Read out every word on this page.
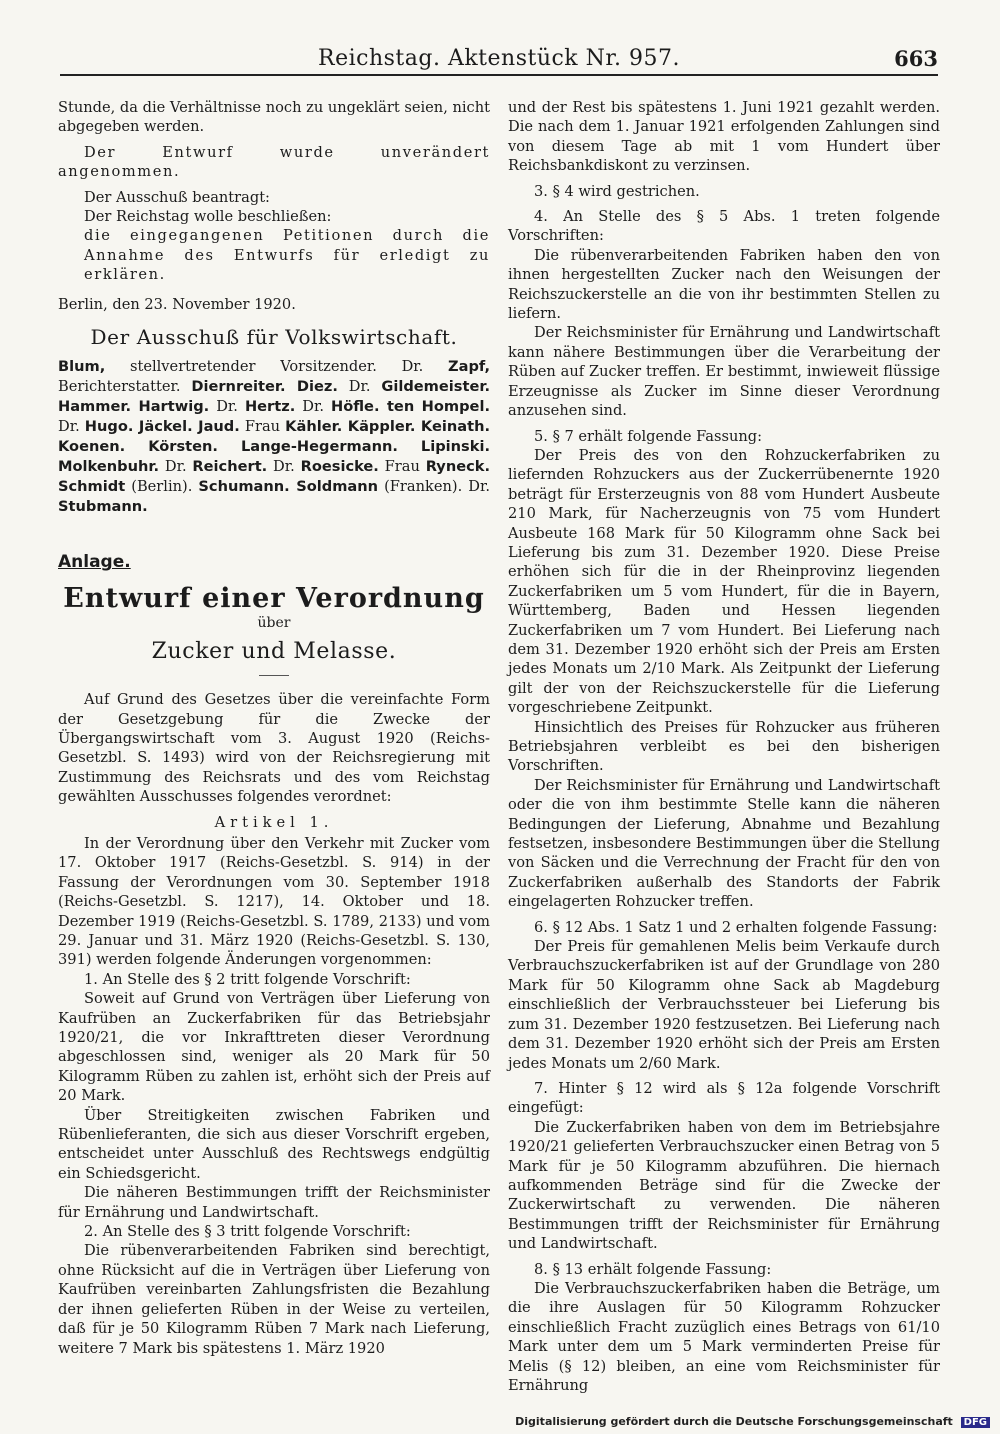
Reichstag. Aktenstück Nr. 957.	663

Stunde, da die Verhältnisse noch zu ungeklärt seien, nicht abgegeben werden.

Der Entwurf wurde unverändert angenommen.

Der Ausschuß beantragt:

Der Reichstag wolle beschließen:

die eingegangenen Petitionen durch die Annahme des Entwurfs für erledigt zu erklären.

Berlin, den 23. November 1920.

Der Ausschuß für Volkswirtschaft.

Blum, stellvertretender Vorsitzender. Dr. Zapf, Berichterstatter. Diernreiter. Diez. Dr. Gildemeister. Hammer. Hartwig. Dr. Hertz. Dr. Höfle. ten Hompel. Dr. Hugo. Jäckel. Jaud. Frau Kähler. Käppler. Keinath. Koenen. Körsten. Lange-Hegermann. Lipinski. Molkenbuhr. Dr. Reichert. Dr. Roesicke. Frau Ryneck. Schmidt (Berlin). Schumann. Soldmann (Franken). Dr. Stubmann.

Anlage.
Entwurf einer Verordnung
über
Zucker und Melasse.

Auf Grund des Gesetzes über die vereinfachte Form der Gesetzgebung für die Zwecke der Übergangswirtschaft vom 3. August 1920 (Reichs-Gesetzbl. S. 1493) wird von der Reichsregierung mit Zustimmung des Reichsrats und des vom Reichstag gewählten Ausschusses folgendes verordnet:

Artikel 1.

In der Verordnung über den Verkehr mit Zucker vom 17. Oktober 1917 (Reichs-Gesetzbl. S. 914) in der Fassung der Verordnungen vom 30. September 1918 (Reichs-Gesetzbl. S. 1217), 14. Oktober und 18. Dezember 1919 (Reichs-Gesetzbl. S. 1789, 2133) und vom 29. Januar und 31. März 1920 (Reichs-Gesetzbl. S. 130, 391) werden folgende Änderungen vorgenommen:

1. An Stelle des § 2 tritt folgende Vorschrift:

Soweit auf Grund von Verträgen über Lieferung von Kaufrüben an Zuckerfabriken für das Betriebsjahr 1920/21, die vor Inkrafttreten dieser Verordnung abgeschlossen sind, weniger als 20 Mark für 50 Kilogramm Rüben zu zahlen ist, erhöht sich der Preis auf 20 Mark.

Über Streitigkeiten zwischen Fabriken und Rübenlieferanten, die sich aus dieser Vorschrift ergeben, entscheidet unter Ausschluß des Rechtswegs endgültig ein Schiedsgericht.

Die näheren Bestimmungen trifft der Reichsminister für Ernährung und Landwirtschaft.

2. An Stelle des § 3 tritt folgende Vorschrift:

Die rübenverarbeitenden Fabriken sind berechtigt, ohne Rücksicht auf die in Verträgen über Lieferung von Kaufrüben vereinbarten Zahlungsfristen die Bezahlung der ihnen gelieferten Rüben in der Weise zu verteilen, daß für je 50 Kilogramm Rüben 7 Mark nach Lieferung, weitere 7 Mark bis spätestens 1. März 1920

und der Rest bis spätestens 1. Juni 1921 gezahlt werden. Die nach dem 1. Januar 1921 erfolgenden Zahlungen sind von diesem Tage ab mit 1 vom Hundert über Reichsbankdiskont zu verzinsen.

3. § 4 wird gestrichen.

4. An Stelle des § 5 Abs. 1 treten folgende Vorschriften:

Die rübenverarbeitenden Fabriken haben den von ihnen hergestellten Zucker nach den Weisungen der Reichszuckerstelle an die von ihr bestimmten Stellen zu liefern.

Der Reichsminister für Ernährung und Landwirtschaft kann nähere Bestimmungen über die Verarbeitung der Rüben auf Zucker treffen. Er bestimmt, inwieweit flüssige Erzeugnisse als Zucker im Sinne dieser Verordnung anzusehen sind.

5. § 7 erhält folgende Fassung:

Der Preis des von den Rohzuckerfabriken zu liefernden Rohzuckers aus der Zuckerrübenernte 1920 beträgt für Ersterzeugnis von 88 vom Hundert Ausbeute 210 Mark, für Nacherzeugnis von 75 vom Hundert Ausbeute 168 Mark für 50 Kilogramm ohne Sack bei Lieferung bis zum 31. Dezember 1920. Diese Preise erhöhen sich für die in der Rheinprovinz liegenden Zuckerfabriken um 5 vom Hundert, für die in Bayern, Württemberg, Baden und Hessen liegenden Zuckerfabriken um 7 vom Hundert. Bei Lieferung nach dem 31. Dezember 1920 erhöht sich der Preis am Ersten jedes Monats um 2/10 Mark. Als Zeitpunkt der Lieferung gilt der von der Reichszuckerstelle für die Lieferung vorgeschriebene Zeitpunkt.

Hinsichtlich des Preises für Rohzucker aus früheren Betriebsjahren verbleibt es bei den bisherigen Vorschriften.

Der Reichsminister für Ernährung und Landwirtschaft oder die von ihm bestimmte Stelle kann die näheren Bedingungen der Lieferung, Abnahme und Bezahlung festsetzen, insbesondere Bestimmungen über die Stellung von Säcken und die Verrechnung der Fracht für den von Zuckerfabriken außerhalb des Standorts der Fabrik eingelagerten Rohzucker treffen.

6. § 12 Abs. 1 Satz 1 und 2 erhalten folgende Fassung:

Der Preis für gemahlenen Melis beim Verkaufe durch Verbrauchszuckerfabriken ist auf der Grundlage von 280 Mark für 50 Kilogramm ohne Sack ab Magdeburg einschließlich der Verbrauchssteuer bei Lieferung bis zum 31. Dezember 1920 festzusetzen. Bei Lieferung nach dem 31. Dezember 1920 erhöht sich der Preis am Ersten jedes Monats um 2/60 Mark.

7. Hinter § 12 wird als § 12a folgende Vorschrift eingefügt:

Die Zuckerfabriken haben von dem im Betriebsjahre 1920/21 gelieferten Verbrauchszucker einen Betrag von 5 Mark für je 50 Kilogramm abzuführen. Die hiernach aufkommenden Beträge sind für die Zwecke der Zuckerwirtschaft zu verwenden. Die näheren Bestimmungen trifft der Reichsminister für Ernährung und Landwirtschaft.

8. § 13 erhält folgende Fassung:

Die Verbrauchszuckerfabriken haben die Beträge, um die ihre Auslagen für 50 Kilogramm Rohzucker einschließlich Fracht zuzüglich eines Betrags von 61/10 Mark unter dem um 5 Mark verminderten Preise für Melis (§ 12) bleiben, an eine vom Reichsminister für Ernährung

Digitalisierung gefördert durch die Deutsche Forschungsgemeinschaft DFG
